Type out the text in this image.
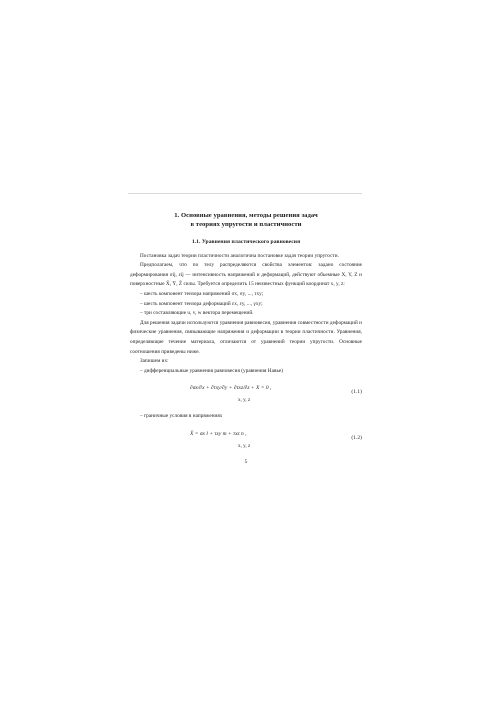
1. Основные уравнения, методы решения задач
в теориях упругости и пластичности
1.1. Уравнения пластического равновесия

Постановка задач теории пластичности аналогична постановке задач теории упругости.

Предполагаем, что по телу распределяются свойства элементов: задано состояние деформирования σij, εij — интенсивность напряжений и деформаций, действуют объемные X, Y, Z и поверхностные X̄, Ȳ, Z̄ силы. Требуется определить 15 неизвестных функций координат x, y, z:

– шесть компонент тензора напряжений σx, σy, ..., τxy;

– шесть компонент тензора деформаций εx, εy, ..., γxy;

– три составляющие u, v, w вектора перемещений.

Для решения задачи используются уравнения равновесия, уравнения совместности деформаций и физические уравнения, связывающие напряжения и деформации в теории пластичности. Уравнения, определяющие течение материала, отличаются от уравнений теории упругости. Основные соотношения приведены ниже.

Запишем их:

– дифференциальные уравнения равновесия (уравнения Навье)

∂σx/∂x + ∂τxy/∂y + ∂τxz/∂z + X = 0 ,
x, y, z
(1.1)

– граничные условия в напряжениях

X̄ = σx l + τxy m + τxz n ,
x, y, z
(1.2)
5
